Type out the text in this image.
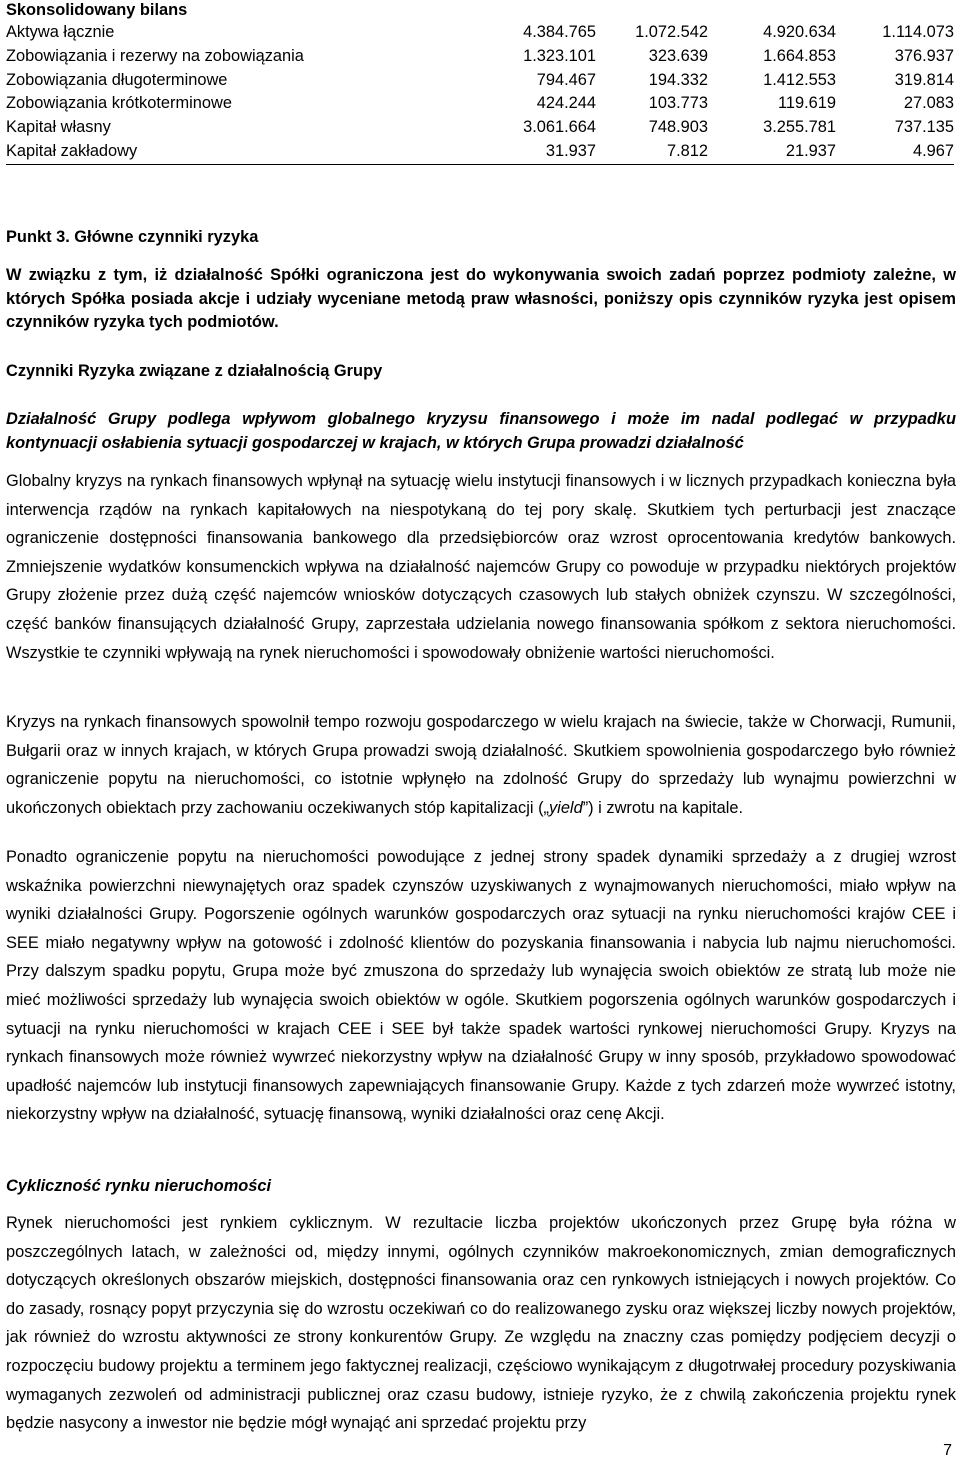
Skonsolidowany bilans
Aktywa łącznie	4.384.765	1.072.542	4.920.634	1.114.073
Zobowiązania i rezerwy na zobowiązania	1.323.101	323.639	1.664.853	376.937
Zobowiązania długoterminowe	794.467	194.332	1.412.553	319.814
Zobowiązania krótkoterminowe	424.244	103.773	119.619	27.083
Kapitał własny	3.061.664	748.903	3.255.781	737.135
Kapitał zakładowy	31.937	7.812	21.937	4.967
Punkt 3. Główne czynniki ryzyka
W związku z tym, iż działalność Spółki ograniczona jest do wykonywania swoich zadań poprzez podmioty zależne, w których Spółka posiada akcje i udziały wyceniane metodą praw własności, poniższy opis czynników ryzyka jest opisem czynników ryzyka tych podmiotów.
Czynniki Ryzyka związane z działalnością Grupy
Działalność Grupy podlega wpływom globalnego kryzysu finansowego i może im nadal podlegać w przypadku kontynuacji osłabienia sytuacji gospodarczej w krajach, w których Grupa prowadzi działalność

Globalny kryzys na rynkach finansowych wpłynął na sytuację wielu instytucji finansowych i w licznych przypadkach konieczna była interwencja rządów na rynkach kapitałowych na niespotykaną do tej pory skalę. Skutkiem tych perturbacji jest znaczące ograniczenie dostępności finansowania bankowego dla przedsiębiorców oraz wzrost oprocentowania kredytów bankowych. Zmniejszenie wydatków konsumenckich wpływa na działalność najemców Grupy co powoduje w przypadku niektórych projektów Grupy złożenie przez dużą część najemców wniosków dotyczących czasowych lub stałych obniżek czynszu. W szczególności, część banków finansujących działalność Grupy, zaprzestała udzielania nowego finansowania spółkom z sektora nieruchomości. Wszystkie te czynniki wpływają na rynek nieruchomości i spowodowały obniżenie wartości nieruchomości.

Kryzys na rynkach finansowych spowolnił tempo rozwoju gospodarczego w wielu krajach na świecie, także w Chorwacji, Rumunii, Bułgarii oraz w innych krajach, w których Grupa prowadzi swoją działalność. Skutkiem spowolnienia gospodarczego było również ograniczenie popytu na nieruchomości, co istotnie wpłynęło na zdolność Grupy do sprzedaży lub wynajmu powierzchni w ukończonych obiektach przy zachowaniu oczekiwanych stóp kapitalizacji („yield”) i zwrotu na kapitale.

Ponadto ograniczenie popytu na nieruchomości powodujące z jednej strony spadek dynamiki sprzedaży a z drugiej wzrost wskaźnika powierzchni niewynajętych oraz spadek czynszów uzyskiwanych z wynajmowanych nieruchomości, miało wpływ na wyniki działalności Grupy. Pogorszenie ogólnych warunków gospodarczych oraz sytuacji na rynku nieruchomości krajów CEE i SEE miało negatywny wpływ na gotowość i zdolność klientów do pozyskania finansowania i nabycia lub najmu nieruchomości. Przy dalszym spadku popytu, Grupa może być zmuszona do sprzedaży lub wynajęcia swoich obiektów ze stratą lub może nie mieć możliwości sprzedaży lub wynajęcia swoich obiektów w ogóle. Skutkiem pogorszenia ogólnych warunków gospodarczych i sytuacji na rynku nieruchomości w krajach CEE i SEE był także spadek wartości rynkowej nieruchomości Grupy. Kryzys na rynkach finansowych może również wywrzeć niekorzystny wpływ na działalność Grupy w inny sposób, przykładowo spowodować upadłość najemców lub instytucji finansowych zapewniających finansowanie Grupy. Każde z tych zdarzeń może wywrzeć istotny, niekorzystny wpływ na działalność, sytuację finansową, wyniki działalności oraz cenę Akcji.

Cykliczność rynku nieruchomości

Rynek nieruchomości jest rynkiem cyklicznym. W rezultacie liczba projektów ukończonych przez Grupę była różna w poszczególnych latach, w zależności od, między innymi, ogólnych czynników makroekonomicznych, zmian demograficznych dotyczących określonych obszarów miejskich, dostępności finansowania oraz cen rynkowych istniejących i nowych projektów. Co do zasady, rosnący popyt przyczynia się do wzrostu oczekiwań co do realizowanego zysku oraz większej liczby nowych projektów, jak również do wzrostu aktywności ze strony konkurentów Grupy. Ze względu na znaczny czas pomiędzy podjęciem decyzji o rozpoczęciu budowy projektu a terminem jego faktycznej realizacji, częściowo wynikającym z długotrwałej procedury pozyskiwania wymaganych zezwoleń od administracji publicznej oraz czasu budowy, istnieje ryzyko, że z chwilą zakończenia projektu rynek będzie nasycony a inwestor nie będzie mógł wynająć ani sprzedać projektu przy

7
